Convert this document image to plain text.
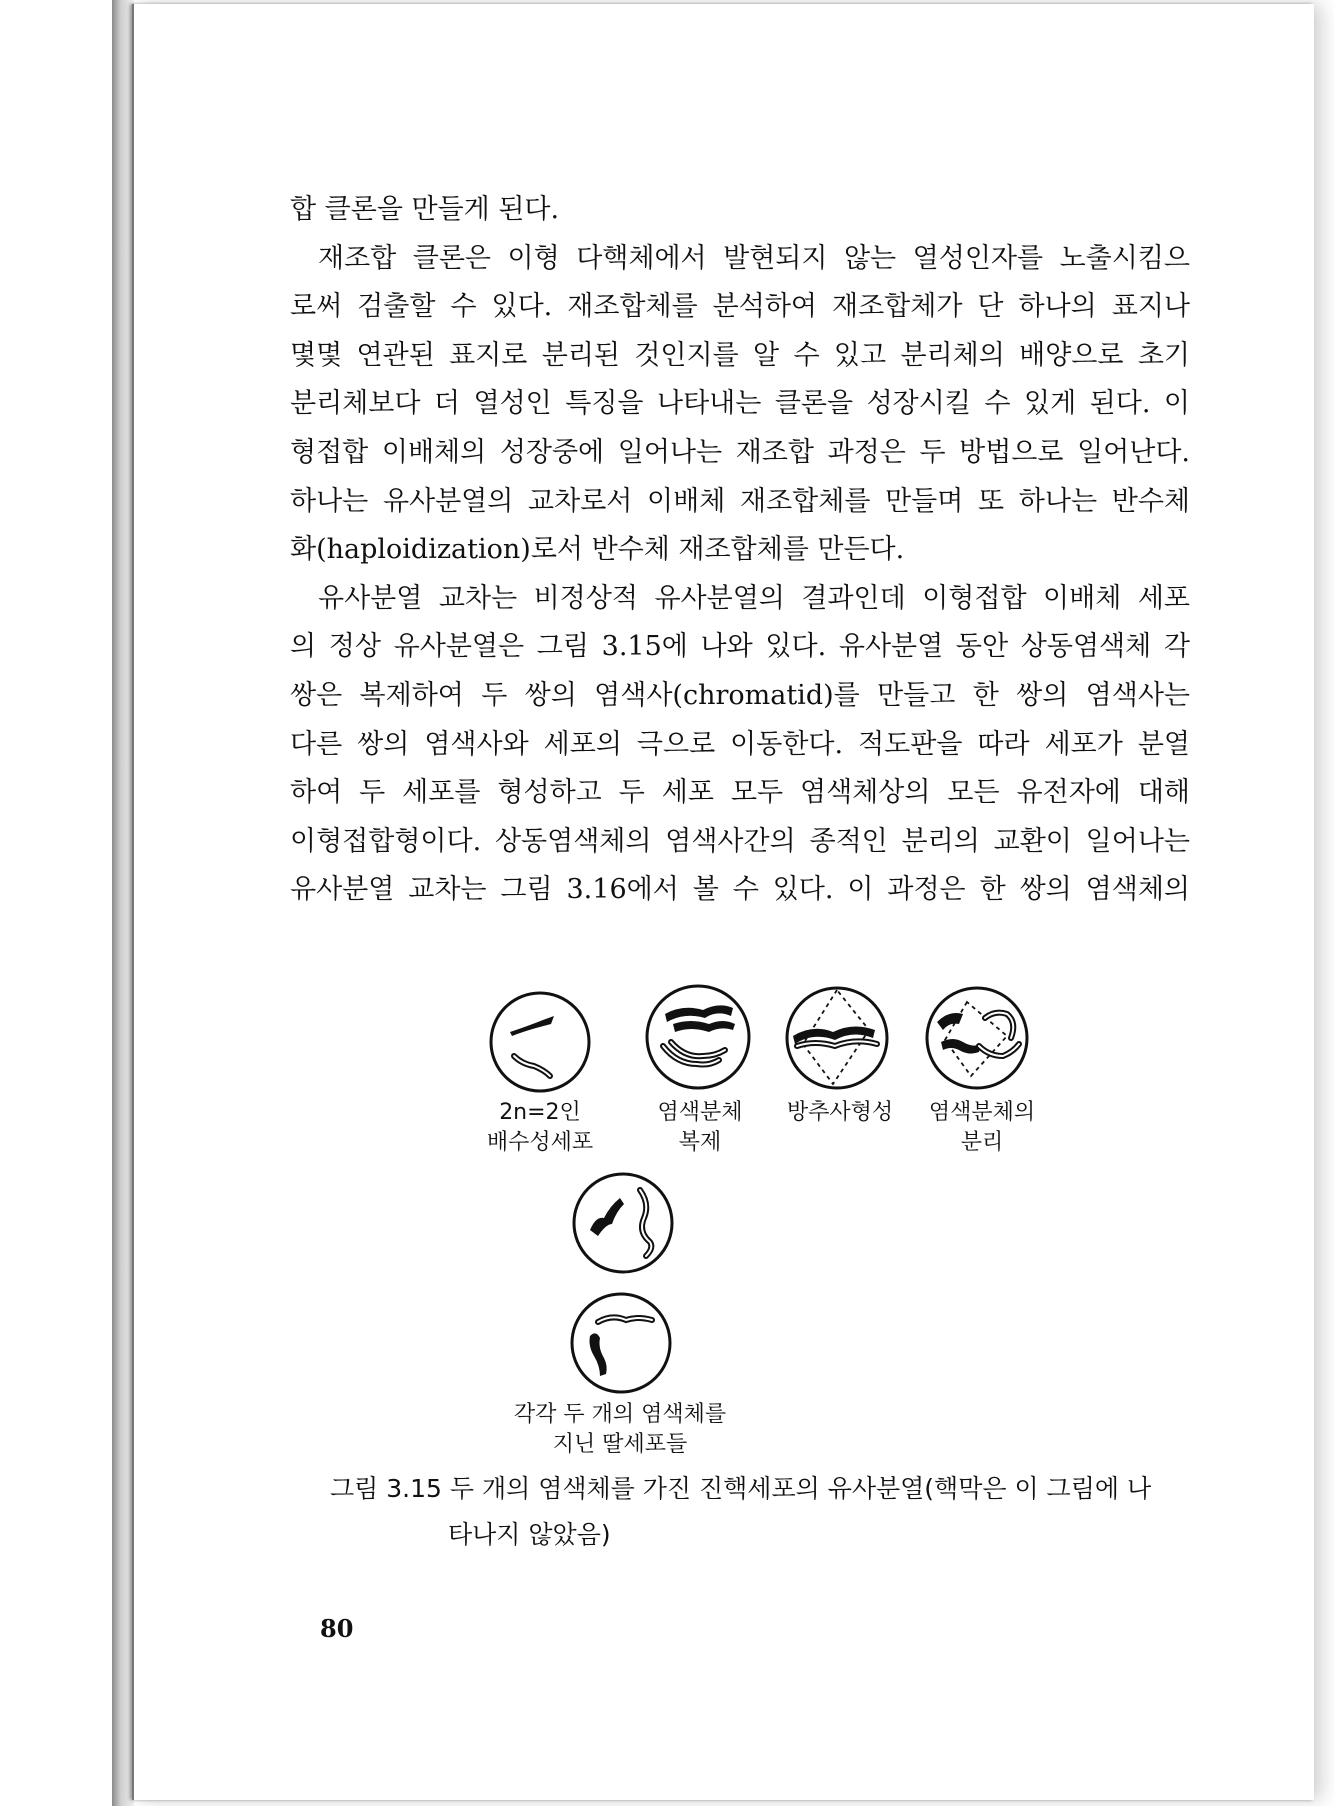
합 클론을 만들게 된다.
재조합 클론은 이형 다핵체에서 발현되지 않는 열성인자를 노출시킴으
로써 검출할 수 있다. 재조합체를 분석하여 재조합체가 단 하나의 표지나
몇몇 연관된 표지로 분리된 것인지를 알 수 있고 분리체의 배양으로 초기
분리체보다 더 열성인 특징을 나타내는 클론을 성장시킬 수 있게 된다. 이
형접합 이배체의 성장중에 일어나는 재조합 과정은 두 방법으로 일어난다.
하나는 유사분열의 교차로서 이배체 재조합체를 만들며 또 하나는 반수체
화(haploidization)로서 반수체 재조합체를 만든다.
유사분열 교차는 비정상적 유사분열의 결과인데 이형접합 이배체 세포
의 정상 유사분열은 그림 3.15에 나와 있다. 유사분열 동안 상동염색체 각
쌍은 복제하여 두 쌍의 염색사(chromatid)를 만들고 한 쌍의 염색사는
다른 쌍의 염색사와 세포의 극으로 이동한다. 적도판을 따라 세포가 분열
하여 두 세포를 형성하고 두 세포 모두 염색체상의 모든 유전자에 대해
이형접합형이다. 상동염색체의 염색사간의 종적인 분리의 교환이 일어나는
유사분열 교차는 그림 3.16에서 볼 수 있다. 이 과정은 한 쌍의 염색체의
2n=2인
배수성세포
염색분체
복제
방추사형성	염색분체의
분리
각각 두 개의 염색체를
지닌 딸세포들
그림 3.15 두 개의 염색체를 가진 진핵세포의 유사분열(핵막은 이 그림에 나
타나지 않았음)
80
